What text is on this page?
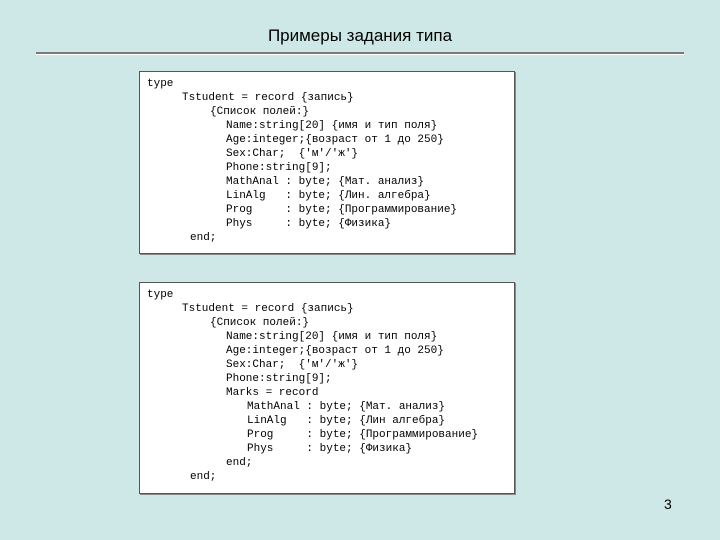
Примеры задания типа
type
Tstudent = record {запись}
{Список полей:}
Name:string[20] {имя и тип поля}
Age:integer;{возраст от 1 до 250}
Sex:Char;  {'м'/'ж'}
Phone:string[9];
MathAnal : byte; {Мат. анализ}
LinAlg   : byte; {Лин. алгебра}
Prog     : byte; {Программирование}
Phys     : byte; {Физика}
end;
type
Tstudent = record {запись}
{Список полей:}
Name:string[20] {имя и тип поля}
Age:integer;{возраст от 1 до 250}
Sex:Char;  {'м'/'ж'}
Phone:string[9];
Marks = record
MathAnal : byte; {Мат. анализ}
LinAlg   : byte; {Лин алгебра}
Prog     : byte; {Программирование}
Phys     : byte; {Физика}
end;
end;
3
